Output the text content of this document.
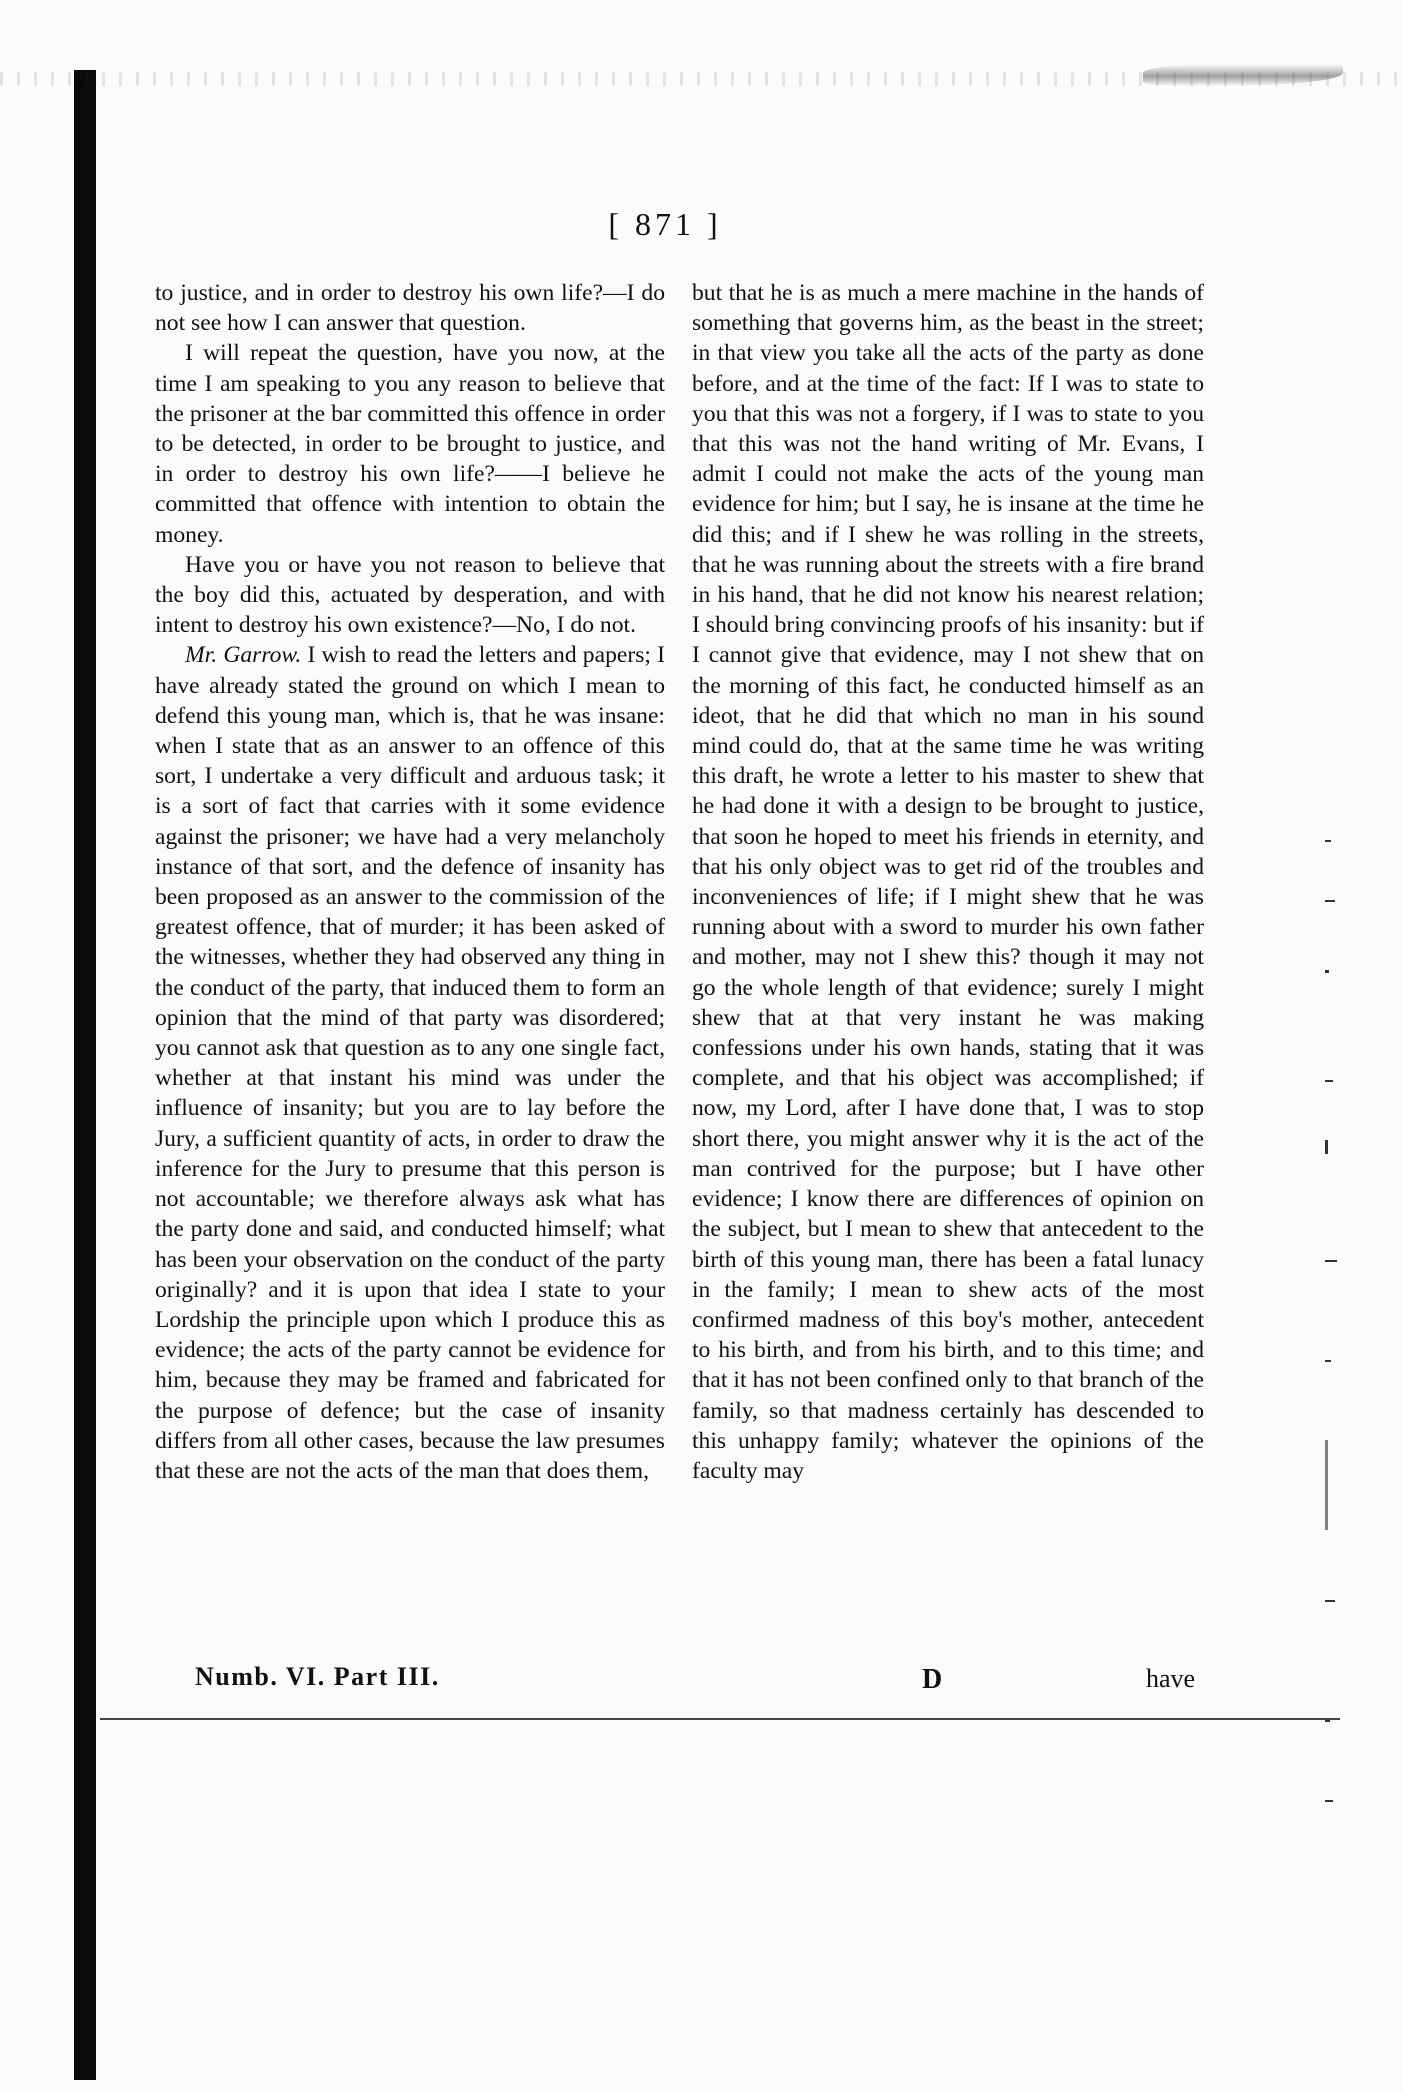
[ 871 ]

to justice, and in order to destroy his own life?—I do not see how I can answer that question.

I will repeat the question, have you now, at the time I am speaking to you any reason to believe that the prisoner at the bar committed this offence in order to be detected, in order to be brought to justice, and in order to destroy his own life?——I believe he committed that offence with intention to obtain the money.

Have you or have you not reason to believe that the boy did this, actuated by desperation, and with intent to destroy his own existence?—No, I do not.

Mr. Garrow. I wish to read the letters and papers; I have already stated the ground on which I mean to defend this young man, which is, that he was insane: when I state that as an answer to an offence of this sort, I undertake a very difficult and arduous task; it is a sort of fact that carries with it some evidence against the prisoner; we have had a very melancholy instance of that sort, and the defence of insanity has been proposed as an answer to the commission of the greatest offence, that of murder; it has been asked of the witnesses, whether they had observed any thing in the conduct of the party, that induced them to form an opinion that the mind of that party was disordered; you cannot ask that question as to any one single fact, whether at that instant his mind was under the influence of insanity; but you are to lay before the Jury, a sufficient quantity of acts, in order to draw the inference for the Jury to presume that this person is not accountable; we therefore always ask what has the party done and said, and conducted himself; what has been your observation on the conduct of the party originally? and it is upon that idea I state to your Lordship the principle upon which I produce this as evidence; the acts of the party cannot be evidence for him, because they may be framed and fabricated for the purpose of defence; but the case of insanity differs from all other cases, because the law presumes that these are not the acts of the man that does them,

but that he is as much a mere machine in the hands of something that governs him, as the beast in the street; in that view you take all the acts of the party as done before, and at the time of the fact: If I was to state to you that this was not a forgery, if I was to state to you that this was not the hand writing of Mr. Evans, I admit I could not make the acts of the young man evidence for him; but I say, he is insane at the time he did this; and if I shew he was rolling in the streets, that he was running about the streets with a fire brand in his hand, that he did not know his nearest relation; I should bring convincing proofs of his insanity: but if I cannot give that evidence, may I not shew that on the morning of this fact, he conducted himself as an ideot, that he did that which no man in his sound mind could do, that at the same time he was writing this draft, he wrote a letter to his master to shew that he had done it with a design to be brought to justice, that soon he hoped to meet his friends in eternity, and that his only object was to get rid of the troubles and inconveniences of life; if I might shew that he was running about with a sword to murder his own father and mother, may not I shew this? though it may not go the whole length of that evidence; surely I might shew that at that very instant he was making confessions under his own hands, stating that it was complete, and that his object was accomplished; if now, my Lord, after I have done that, I was to stop short there, you might answer why it is the act of the man contrived for the purpose; but I have other evidence; I know there are differences of opinion on the subject, but I mean to shew that antecedent to the birth of this young man, there has been a fatal lunacy in the family; I mean to shew acts of the most confirmed madness of this boy's mother, antecedent to his birth, and from his birth, and to this time; and that it has not been confined only to that branch of the family, so that madness certainly has descended to this unhappy family; whatever the opinions of the faculty may

Numb. VI. Part III.	D	have
